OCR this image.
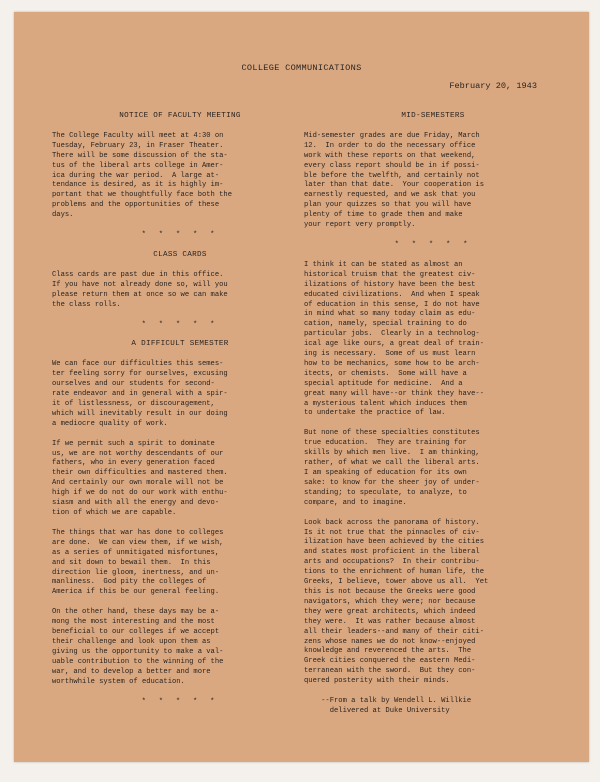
COLLEGE COMMUNICATIONS
February 20, 1943
NOTICE OF FACULTY MEETING
The College Faculty will meet at 4:30 on
Tuesday, February 23, in Fraser Theater.
There will be some discussion of the sta-
tus of the liberal arts college in Amer-
ica during the war period.  A large at-
tendance is desired, as it is highly im-
portant that we thoughtfully face both the
problems and the opportunities of these
days.
* * * * *
CLASS CARDS
Class cards are past due in this office.
If you have not already done so, will you
please return them at once so we can make
the class rolls.
* * * * *
A DIFFICULT SEMESTER
We can face our difficulties this semes-
ter feeling sorry for ourselves, excusing
ourselves and our students for second-
rate endeavor and in general with a spir-
it of listlessness, or discouragement,
which will inevitably result in our doing
a mediocre quality of work.
If we permit such a spirit to dominate
us, we are not worthy descendants of our
fathers, who in every generation faced
their own difficulties and mastered them.
And certainly our own morale will not be
high if we do not do our work with enthu-
siasm and with all the energy and devo-
tion of which we are capable.
The things that war has done to colleges
are done.  We can view them, if we wish,
as a series of unmitigated misfortunes,
and sit down to bewail them.  In this
direction lie gloom, inertness, and un-
manliness.  God pity the colleges of
America if this be our general feeling.
On the other hand, these days may be a-
mong the most interesting and the most
beneficial to our colleges if we accept
their challenge and look upon them as
giving us the opportunity to make a val-
uable contribution to the winning of the
war, and to develop a better and more
worthwhile system of education.
* * * * *
MID-SEMESTERS
Mid-semester grades are due Friday, March
12.  In order to do the necessary office
work with these reports on that weekend,
every class report should be in if possi-
ble before the twelfth, and certainly not
later than that date.  Your cooperation is
earnestly requested, and we ask that you
plan your quizzes so that you will have
plenty of time to grade them and make
your report very promptly.
* * * * *
I think it can be stated as almost an
historical truism that the greatest civ-
ilizations of history have been the best
educated civilizations.  And when I speak
of education in this sense, I do not have
in mind what so many today claim as edu-
cation, namely, special training to do
particular jobs.  Clearly in a technolog-
ical age like ours, a great deal of train-
ing is necessary.  Some of us must learn
how to be mechanics, some how to be arch-
itects, or chemists.  Some will have a
special aptitude for medicine.  And a
great many will have--or think they have--
a mysterious talent which induces them
to undertake the practice of law.
But none of these specialties constitutes
true education.  They are training for
skills by which men live.  I am thinking,
rather, of what we call the liberal arts.
I am speaking of education for its own
sake: to know for the sheer joy of under-
standing; to speculate, to analyze, to
compare, and to imagine.
Look back across the panorama of history.
Is it not true that the pinnacles of civ-
ilization have been achieved by the cities
and states most proficient in the liberal
arts and occupations?  In their contribu-
tions to the enrichment of human life, the
Greeks, I believe, tower above us all.  Yet
this is not because the Greeks were good
navigators, which they were; nor because
they were great architects, which indeed
they were.  It was rather because almost
all their leaders--and many of their citi-
zens whose names we do not know--enjoyed
knowledge and reverenced the arts.  The
Greek cities conquered the eastern Medi-
terranean with the sword.  But they con-
quered posterity with their minds.
--From a talk by Wendell L. Willkie
delivered at Duke University
